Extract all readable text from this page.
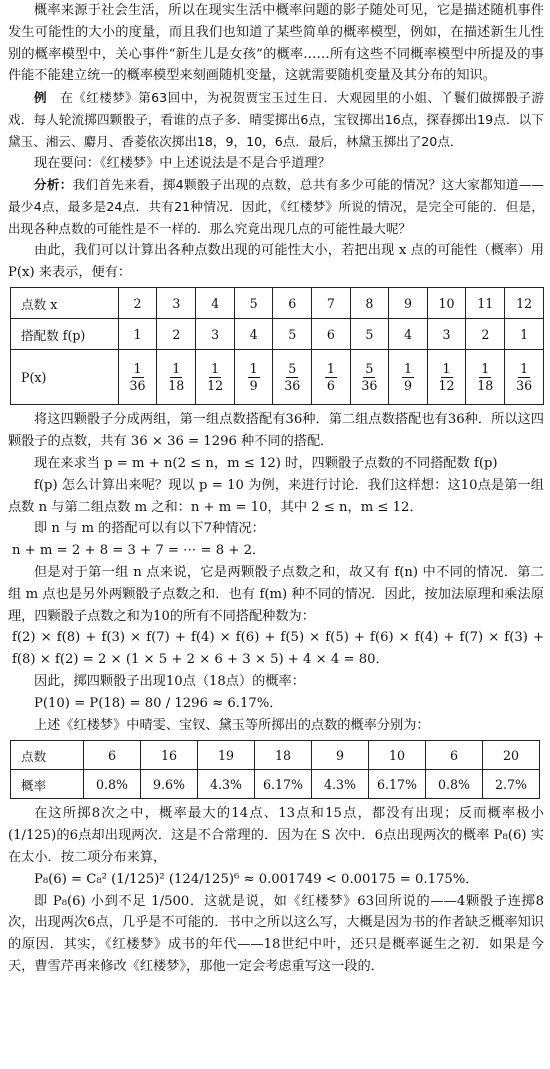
概率来源于社会生活，所以在现实生活中概率问题的影子随处可见，它是描述随机事件发生可能性的大小的度量，而且我们也知道了某些简单的概率模型，例如，在描述新生儿性别的概率模型中，关心事件“新生儿是女孩”的概率……所有这些不同概率模型中所提及的事件能不能建立统一的概率模型来刻画随机变量，这就需要随机变量及其分布的知识。

例 在《红楼梦》第63回中，为祝贺贾宝玉过生日．大观园里的小姐、丫鬟们做掷骰子游戏．每人轮流掷四颗骰子，看谁的点子多．晴雯掷出6点，宝钗掷出16点，探春掷出19点．以下黛玉、湘云、麝月、香菱依次掷出18，9，10，6点．最后，林黛玉掷出了20点．

现在要问：《红楼梦》中上述说法是不是合乎道理？

分析：我们首先来看，掷4颗骰子出现的点数，总共有多少可能的情况？这大家都知道——最少4点，最多是24点．共有21种情况．因此，《红楼梦》所说的情况，是完全可能的．但是，出现各种点数的可能性是不一样的．那么究竟出现几点的可能性最大呢？

由此，我们可以计算出各种点数出现的可能性大小，若把出现 x 点的可能性（概率）用 P(x) 来表示，便有：

点数 x	2	3	4	5	6	7	8	9	10	11	12
搭配数 f(p)	1	2	3	4	5	6	5	4	3	2	1
P(x)	$\frac{1}{36}$	$\frac{1}{18}$	$\frac{1}{12}$	$\frac{1}{9}$	$\frac{5}{36}$	$\frac{1}{6}$	$\frac{5}{36}$	$\frac{1}{9}$	$\frac{1}{12}$	$\frac{1}{18}$	$\frac{1}{36}$

将这四颗骰子分成两组，第一组点数搭配有36种．第二组点数搭配也有36种．所以这四颗骰子的点数，共有 36 × 36 = 1296 种不同的搭配．

现在来求当 p = m + n(2 ≤ n，m ≤ 12) 时，四颗骰子点数的不同搭配数 f(p)

f(p) 怎么计算出来呢？现以 p = 10 为例，来进行讨论．我们这样想：这10点是第一组点数 n 与第二组点数 m 之和：n + m = 10，其中 2 ≤ n，m ≤ 12．

即 n 与 m 的搭配可以有以下7种情况：

n + m = 2 + 8 = 3 + 7 = ⋯ = 8 + 2．

但是对于第一组 n 点来说，它是两颗骰子点数之和，故又有 f(n) 中不同的情况．第二组 m 点也是另外两颗骰子点数之和．也有 f(m) 种不同的情况．因此，按加法原理和乘法原理，四颗骰子点数之和为10的所有不同搭配种数为：

f(2) × f(8) + f(3) × f(7) + f(4) × f(6) + f(5) × f(5) + f(6) × f(4) + f(7) × f(3) + f(8) × f(2) = 2 × (1 × 5 + 2 × 6 + 3 × 5) + 4 × 4 = 80．

因此，掷四颗骰子出现10点（18点）的概率：

P(10) = P(18) = 80 / 1296 ≈ 6.17%．

上述《红楼梦》中晴雯、宝钗、黛玉等所掷出的点数的概率分别为：

点数	6	16	19	18	9	10	6	20
概率	0.8%	9.6%	4.3%	6.17%	4.3%	6.17%	0.8%	2.7%

在这所掷8次之中，概率最大的14点、13点和15点，都没有出现；反而概率极小(1/125)的6点却出现两次．这是不合常理的．因为在 S 次中．6点出现两次的概率 P₈(6) 实在太小．按二项分布来算，

P₈(6) = C₈² (1/125)² (124/125)⁶ ≈ 0.001749 < 0.00175 = 0.175%．

即 P₈(6) 小到不足 1/500．这就是说，如《红楼梦》63回所说的——4颗骰子连掷8次，出现两次6点，几乎是不可能的．书中之所以这么写，大概是因为书的作者缺乏概率知识的原因．其实，《红楼梦》成书的年代——18世纪中叶，还只是概率诞生之初．如果是今天，曹雪芹再来修改《红楼梦》，那他一定会考虑重写这一段的．
